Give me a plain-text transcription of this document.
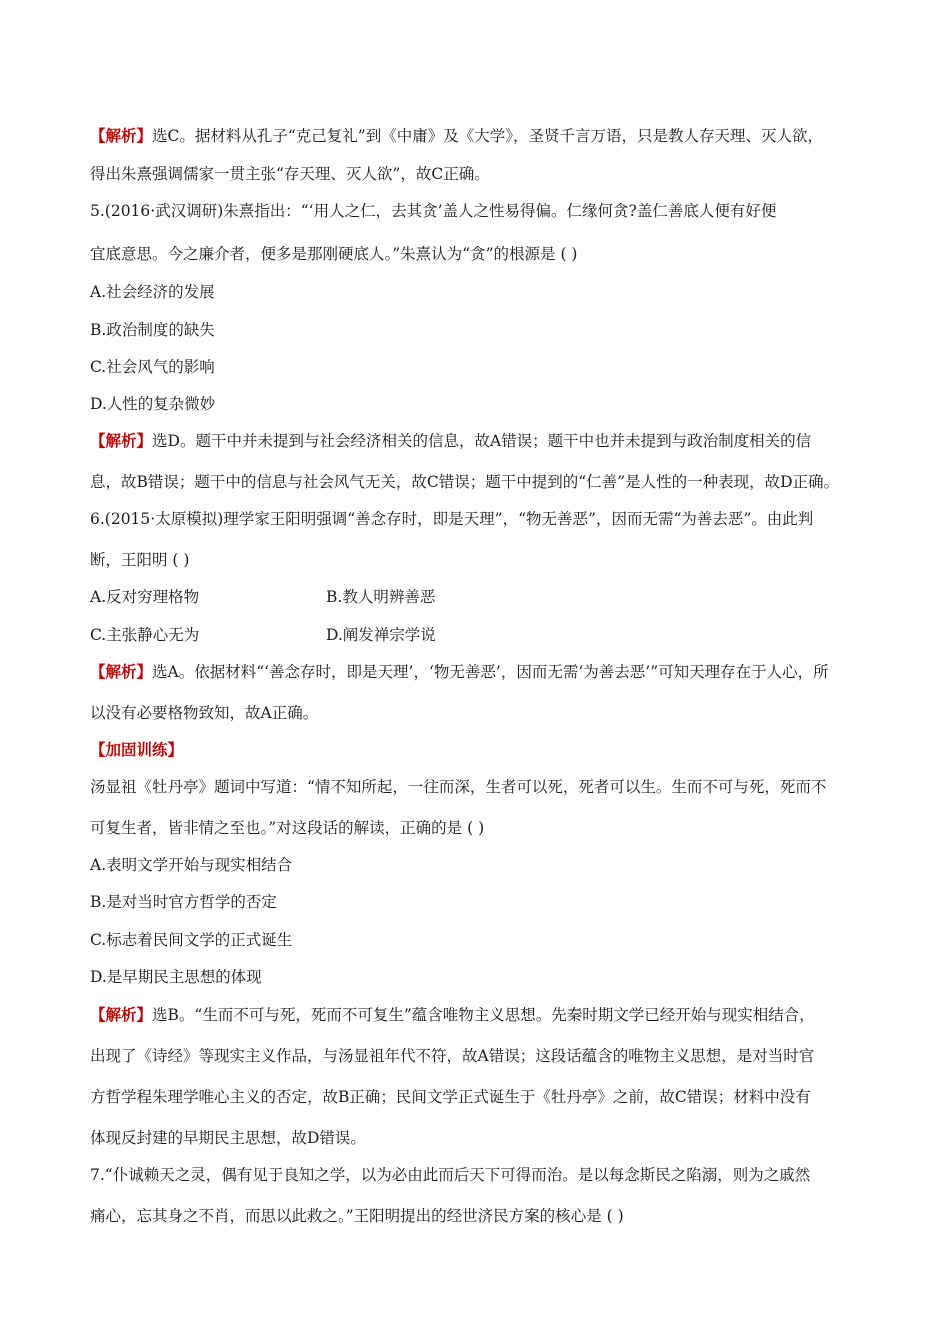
【解析】选C。据材料从孔子“克己复礼”到《中庸》及《大学》，圣贤千言万语，只是教人存天理、灭人欲，
得出朱熹强调儒家一贯主张“存天理、灭人欲”，故C正确。
5.(2016·武汉调研)朱熹指出：“‘用人之仁，去其贪’盖人之性易得偏。仁缘何贪?盖仁善底人便有好便
宜底意思。今之廉介者，便多是那刚硬底人。”朱熹认为“贪”的根源是 ( )
A.社会经济的发展
B.政治制度的缺失
C.社会风气的影响
D.人性的复杂微妙
【解析】选D。题干中并未提到与社会经济相关的信息，故A错误；题干中也并未提到与政治制度相关的信
息，故B错误；题干中的信息与社会风气无关，故C错误；题干中提到的“仁善”是人性的一种表现，故D正确。
6.(2015·太原模拟)理学家王阳明强调“善念存时，即是天理”，“物无善恶”，因而无需“为善去恶”。由此判
断，王阳明 ( )
A.反对穷理格物	B.教人明辨善恶
C.主张静心无为	D.阐发禅宗学说
【解析】选A。依据材料“‘善念存时，即是天理’，‘物无善恶’，因而无需‘为善去恶’”可知天理存在于人心，所
以没有必要格物致知，故A正确。
【加固训练】
汤显祖《牡丹亭》题词中写道：“情不知所起，一往而深，生者可以死，死者可以生。生而不可与死，死而不
可复生者，皆非情之至也。”对这段话的解读，正确的是 ( )
A.表明文学开始与现实相结合
B.是对当时官方哲学的否定
C.标志着民间文学的正式诞生
D.是早期民主思想的体现
【解析】选B。“生而不可与死，死而不可复生”蕴含唯物主义思想。先秦时期文学已经开始与现实相结合，
出现了《诗经》等现实主义作品，与汤显祖年代不符，故A错误；这段话蕴含的唯物主义思想，是对当时官
方哲学程朱理学唯心主义的否定，故B正确；民间文学正式诞生于《牡丹亭》之前，故C错误；材料中没有
体现反封建的早期民主思想，故D错误。
7.“仆诚赖天之灵，偶有见于良知之学，以为必由此而后天下可得而治。是以每念斯民之陷溺，则为之戚然
痛心，忘其身之不肖，而思以此救之。”王阳明提出的经世济民方案的核心是 ( )
